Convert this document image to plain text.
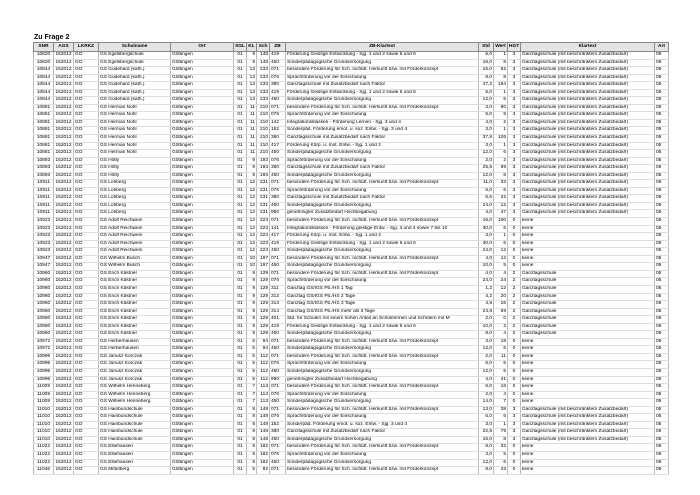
Zu Frage 2
SNR	AGS	LKRKZ	Schulname	Ort	SGL	KL	Sch	ZB	ZB-Klartext	Std	Wert	HGT	Klartext	Art
10820	152012	GÖ	GS Egelsbergschule	Göttingen	01	9	148	419	Förderung Geistige Entwicklung - Sjg. 1 und 2 sowie 5 und 6	5,0	1	3	Ganztagsschule (mit beschränktem Zusatzbedarf)	05
10820	152012	GÖ	GS Egelsbergschule	Göttingen	01	9	148	450	Sonderpädagogische Grundversorgung	16,0	8	3	Ganztagsschule (mit beschränktem Zusatzbedarf)	05
10844	152012	GÖ	GS Godehard (kath.)	Göttingen	01	13	233	071	besondere Förderung für Sch. nichtdt. Herkunft bzw. mit Förderkonzept	15,0	52	3	Ganztagsschule (mit beschränktem Zusatzbedarf)	05
10844	152012	GÖ	GS Godehard (kath.)	Göttingen	01	13	233	076	Sprachförderung vor der Einschulung	8,0	8	3	Ganztagsschule (mit beschränktem Zusatzbedarf)	05
10844	152012	GÖ	GS Godehard (kath.)	Göttingen	01	13	233	380	Ganztagsschule mit Zusatzbedarf nach Faktor	47,2	194	3	Ganztagsschule (mit beschränktem Zusatzbedarf)	05
10844	152012	GÖ	GS Godehard (kath.)	Göttingen	01	13	233	419	Förderung Geistige Entwicklung - Sjg. 1 und 2 sowie 5 und 6	5,0	1	3	Ganztagsschule (mit beschränktem Zusatzbedarf)	05
10844	152012	GÖ	GS Godehard (kath.)	Göttingen	01	13	233	450	Sonderpädagogische Grundversorgung	12,0	6	3	Ganztagsschule (mit beschränktem Zusatzbedarf)	05
10881	152012	GÖ	GS Herman Nohl	Göttingen	01	11	210	071	besondere Förderung für Sch. nichtdt. Herkunft bzw. mit Förderkonzept	3,0	90	3	Ganztagsschule (mit beschränktem Zusatzbedarf)	05
10881	152012	GÖ	GS Herman Nohl	Göttingen	01	11	210	076	Sprachförderung vor der Einschulung	5,0	5	3	Ganztagsschule (mit beschränktem Zusatzbedarf)	05
10881	152012	GÖ	GS Herman Nohl	Göttingen	01	11	210	142	Integrationsklassen - Förderung Lernen - Sjg. 3 und 4	4,0	2	3	Ganztagsschule (mit beschränktem Zusatzbedarf)	05
10881	152012	GÖ	GS Herman Nohl	Göttingen	01	11	210	152	Sonderpäd. Förderung emot. u. soz. Entw. - Sjg. 3 und 4	3,0	1	3	Ganztagsschule (mit beschränktem Zusatzbedarf)	05
10881	152012	GÖ	GS Herman Nohl	Göttingen	01	11	210	380	Ganztagsschule mit Zusatzbedarf nach Faktor	37,9	126	3	Ganztagsschule (mit beschränktem Zusatzbedarf)	05
10881	152012	GÖ	GS Herman Nohl	Göttingen	01	11	210	417	Förderung Körp. u. mot. Entw. - Sjg. 1 und 2	3,0	1	3	Ganztagsschule (mit beschränktem Zusatzbedarf)	05
10881	152012	GÖ	GS Herman Nohl	Göttingen	01	11	210	450	Sonderpädagogische Grundversorgung	12,0	6	3	Ganztagsschule (mit beschränktem Zusatzbedarf)	05
10893	152012	GÖ	GS Hölty	Göttingen	01	9	193	076	Sprachförderung vor der Einschulung	2,0	2	3	Ganztagsschule (mit beschränktem Zusatzbedarf)	05
10893	152012	GÖ	GS Hölty	Göttingen	01	9	193	380	Ganztagsschule mit Zusatzbedarf nach Faktor	25,8	99	3	Ganztagsschule (mit beschränktem Zusatzbedarf)	05
10893	152012	GÖ	GS Hölty	Göttingen	01	9	193	450	Sonderpädagogische Grundversorgung	12,0	6	3	Ganztagsschule (mit beschränktem Zusatzbedarf)	05
10911	152012	GÖ	GS Lohberg	Göttingen	01	12	231	071	besondere Förderung für Sch. nichtdt. Herkunft bzw. mit Förderkonzept	11,0	33	3	Ganztagsschule (mit beschränktem Zusatzbedarf)	05
10911	152012	GÖ	GS Lohberg	Göttingen	01	12	231	076	Sprachförderung vor der Einschulung	6,0	6	3	Ganztagsschule (mit beschränktem Zusatzbedarf)	05
10911	152012	GÖ	GS Lohberg	Göttingen	01	12	231	380	Ganztagsschule mit Zusatzbedarf nach Faktor	6,6	22	3	Ganztagsschule (mit beschränktem Zusatzbedarf)	05
10911	152012	GÖ	GS Lohberg	Göttingen	01	12	231	450	Sonderpädagogische Grundversorgung	24,0	12	3	Ganztagsschule (mit beschränktem Zusatzbedarf)	05
10911	152012	GÖ	GS Lohberg	Göttingen	01	12	231	950	genehmigter Zusatzbedarf Hochbegabung	4,0	47	3	Ganztagsschule (mit beschränktem Zusatzbedarf)	05
10923	152012	GÖ	GS Adolf Reichwein	Göttingen	01	12	223	071	besondere Förderung für Sch. nichtdt. Herkunft bzw. mit Förderkonzept	16,0	100	0	keine	05
10923	152012	GÖ	GS Adolf Reichwein	Göttingen	01	12	223	141	Integrationsklassen - Förderung geistige Entw. - Sjg. 3 und 4 sowie 7 bis 10	30,0	6	0	keine	05
10923	152012	GÖ	GS Adolf Reichwein	Göttingen	01	12	223	417	Förderung Körp. u. mot. Entw. - Sjg. 1 und 2	3,0	1	0	keine	05
10923	152012	GÖ	GS Adolf Reichwein	Göttingen	01	12	223	419	Förderung Geistige Entwicklung - Sjg. 1 und 2 sowie 5 und 6	30,0	6	0	keine	05
10923	152012	GÖ	GS Adolf Reichwein	Göttingen	01	12	223	450	Sonderpädagogische Grundversorgung	24,0	12	0	keine	05
10947	152012	GÖ	GS Wilhelm Busch	Göttingen	01	10	197	071	besondere Förderung für Sch. nichtdt. Herkunft bzw. mit Förderkonzept	4,0	12	0	keine	05
10947	152012	GÖ	GS Wilhelm Busch	Göttingen	01	10	197	450	Sonderpädagogische Grundversorgung	10,0	5	0	keine	05
10960	152012	GÖ	GS Erich Kästner	Göttingen	01	9	129	071	besondere Förderung für Sch. nichtdt. Herkunft bzw. mit Förderkonzept	4,0	4	2	Ganztagsschule	05
10960	152012	GÖ	GS Erich Kästner	Göttingen	01	9	129	076	Sprachförderung vor der Einschulung	24,0	24	2	Ganztagsschule	05
10960	152012	GÖ	GS Erich Kästner	Göttingen	01	9	129	311	Ganztag GS/IGS Pb./HS 1 Tag	1,2	12	2	Ganztagsschule	05
10960	152012	GÖ	GS Erich Kästner	Göttingen	01	9	129	312	Ganztag GS/IGS Pb./HS 2 Tage	4,2	20	2	Ganztagsschule	05
10960	152012	GÖ	GS Erich Kästner	Göttingen	01	9	129	313	Ganztag GS/IGS Pb./HS 3 Tage	4,8	16	2	Ganztagsschule	05
10960	152012	GÖ	GS Erich Kästner	Göttingen	01	9	129	314	Ganztag GS/IGS Pb./HS mehr als 3 Tage	24,8	59	2	Ganztagsschule	05
10960	152012	GÖ	GS Erich Kästner	Göttingen	01	9	129	401	Std. für Schulen mit einem hohen Anteil an Schülerinnen und Schülern mit M	2,0	0	2	Ganztagsschule	05
10960	152012	GÖ	GS Erich Kästner	Göttingen	01	9	129	419	Förderung Geistige Entwicklung - Sjg. 1 und 2 sowie 5 und 6	10,0	2	2	Ganztagsschule	05
10960	152012	GÖ	GS Erich Kästner	Göttingen	01	9	129	450	Sonderpädagogische Grundversorgung	8,0	4	2	Ganztagsschule	05
10972	152012	GÖ	GS Herberhausen	Göttingen	01	6	94	071	besondere Förderung für Sch. nichtdt. Herkunft bzw. mit Förderkonzept	3,0	18	0	keine	05
10972	152012	GÖ	GS Herberhausen	Göttingen	01	6	94	450	Sonderpädagogische Grundversorgung	12,0	6	0	keine	05
10996	152012	GÖ	GS Janusz Korczak	Göttingen	01	6	112	071	besondere Förderung für Sch. nichtdt. Herkunft bzw. mit Förderkonzept	2,0	11	0	keine	05
10996	152012	GÖ	GS Janusz Korczak	Göttingen	01	6	112	076	Sprachförderung vor der Einschulung	6,0	6	0	keine	05
10996	152012	GÖ	GS Janusz Korczak	Göttingen	01	6	112	450	Sonderpädagogische Grundversorgung	12,0	6	0	keine	05
10996	152012	GÖ	GS Janusz Korczak	Göttingen	01	6	112	950	genehmigter Zusatzbedarf Hochbegabung	4,0	41	0	keine	05
11009	152012	GÖ	GS Wilhelm Henneberg	Göttingen	01	7	113	071	besondere Förderung für Sch. nichtdt. Herkunft bzw. mit Förderkonzept	6,0	18	0	keine	05
11009	152012	GÖ	GS Wilhelm Henneberg	Göttingen	01	7	113	076	Sprachförderung vor der Einschulung	2,0	4	0	keine	05
11009	152012	GÖ	GS Wilhelm Henneberg	Göttingen	01	7	113	450	Sonderpädagogische Grundversorgung	14,0	7	0	keine	05
11010	152012	GÖ	GS Hainbundschule	Göttingen	01	8	148	071	besondere Förderung für Sch. nichtdt. Herkunft bzw. mit Förderkonzept	13,0	38	3	Ganztagsschule (mit beschränktem Zusatzbedarf)	05
11010	152012	GÖ	GS Hainbundschule	Göttingen	01	8	148	076	Sprachförderung vor der Einschulung	6,0	6	3	Ganztagsschule (mit beschränktem Zusatzbedarf)	05
11010	152012	GÖ	GS Hainbundschule	Göttingen	01	8	148	152	Sonderpäd. Förderung emot. u. soz. Entw. - Sjg. 3 und 4	3,0	1	3	Ganztagsschule (mit beschränktem Zusatzbedarf)	05
11010	152012	GÖ	GS Hainbundschule	Göttingen	01	8	148	380	Ganztagsschule mit Zusatzbedarf nach Faktor	22,8	79	3	Ganztagsschule (mit beschränktem Zusatzbedarf)	05
11010	152012	GÖ	GS Hainbundschule	Göttingen	01	8	148	450	Sonderpädagogische Grundversorgung	16,0	8	3	Ganztagsschule (mit beschränktem Zusatzbedarf)	05
11022	152012	GÖ	GS Elliehausen	Göttingen	01	8	182	071	besondere Förderung für Sch. nichtdt. Herkunft bzw. mit Förderkonzept	8,0	32	0	keine	05
11022	152012	GÖ	GS Elliehausen	Göttingen	01	8	182	076	Sprachförderung vor der Einschulung	3,0	5	0	keine	05
11022	152012	GÖ	GS Elliehausen	Göttingen	01	8	182	450	Sonderpädagogische Grundversorgung	12,0	6	0	keine	05
11046	152012	GÖ	GS Mittelberg	Göttingen	01	5	82	071	besondere Förderung für Sch. nichtdt. Herkunft bzw. mit Förderkonzept	8,0	43	0	keine	05
